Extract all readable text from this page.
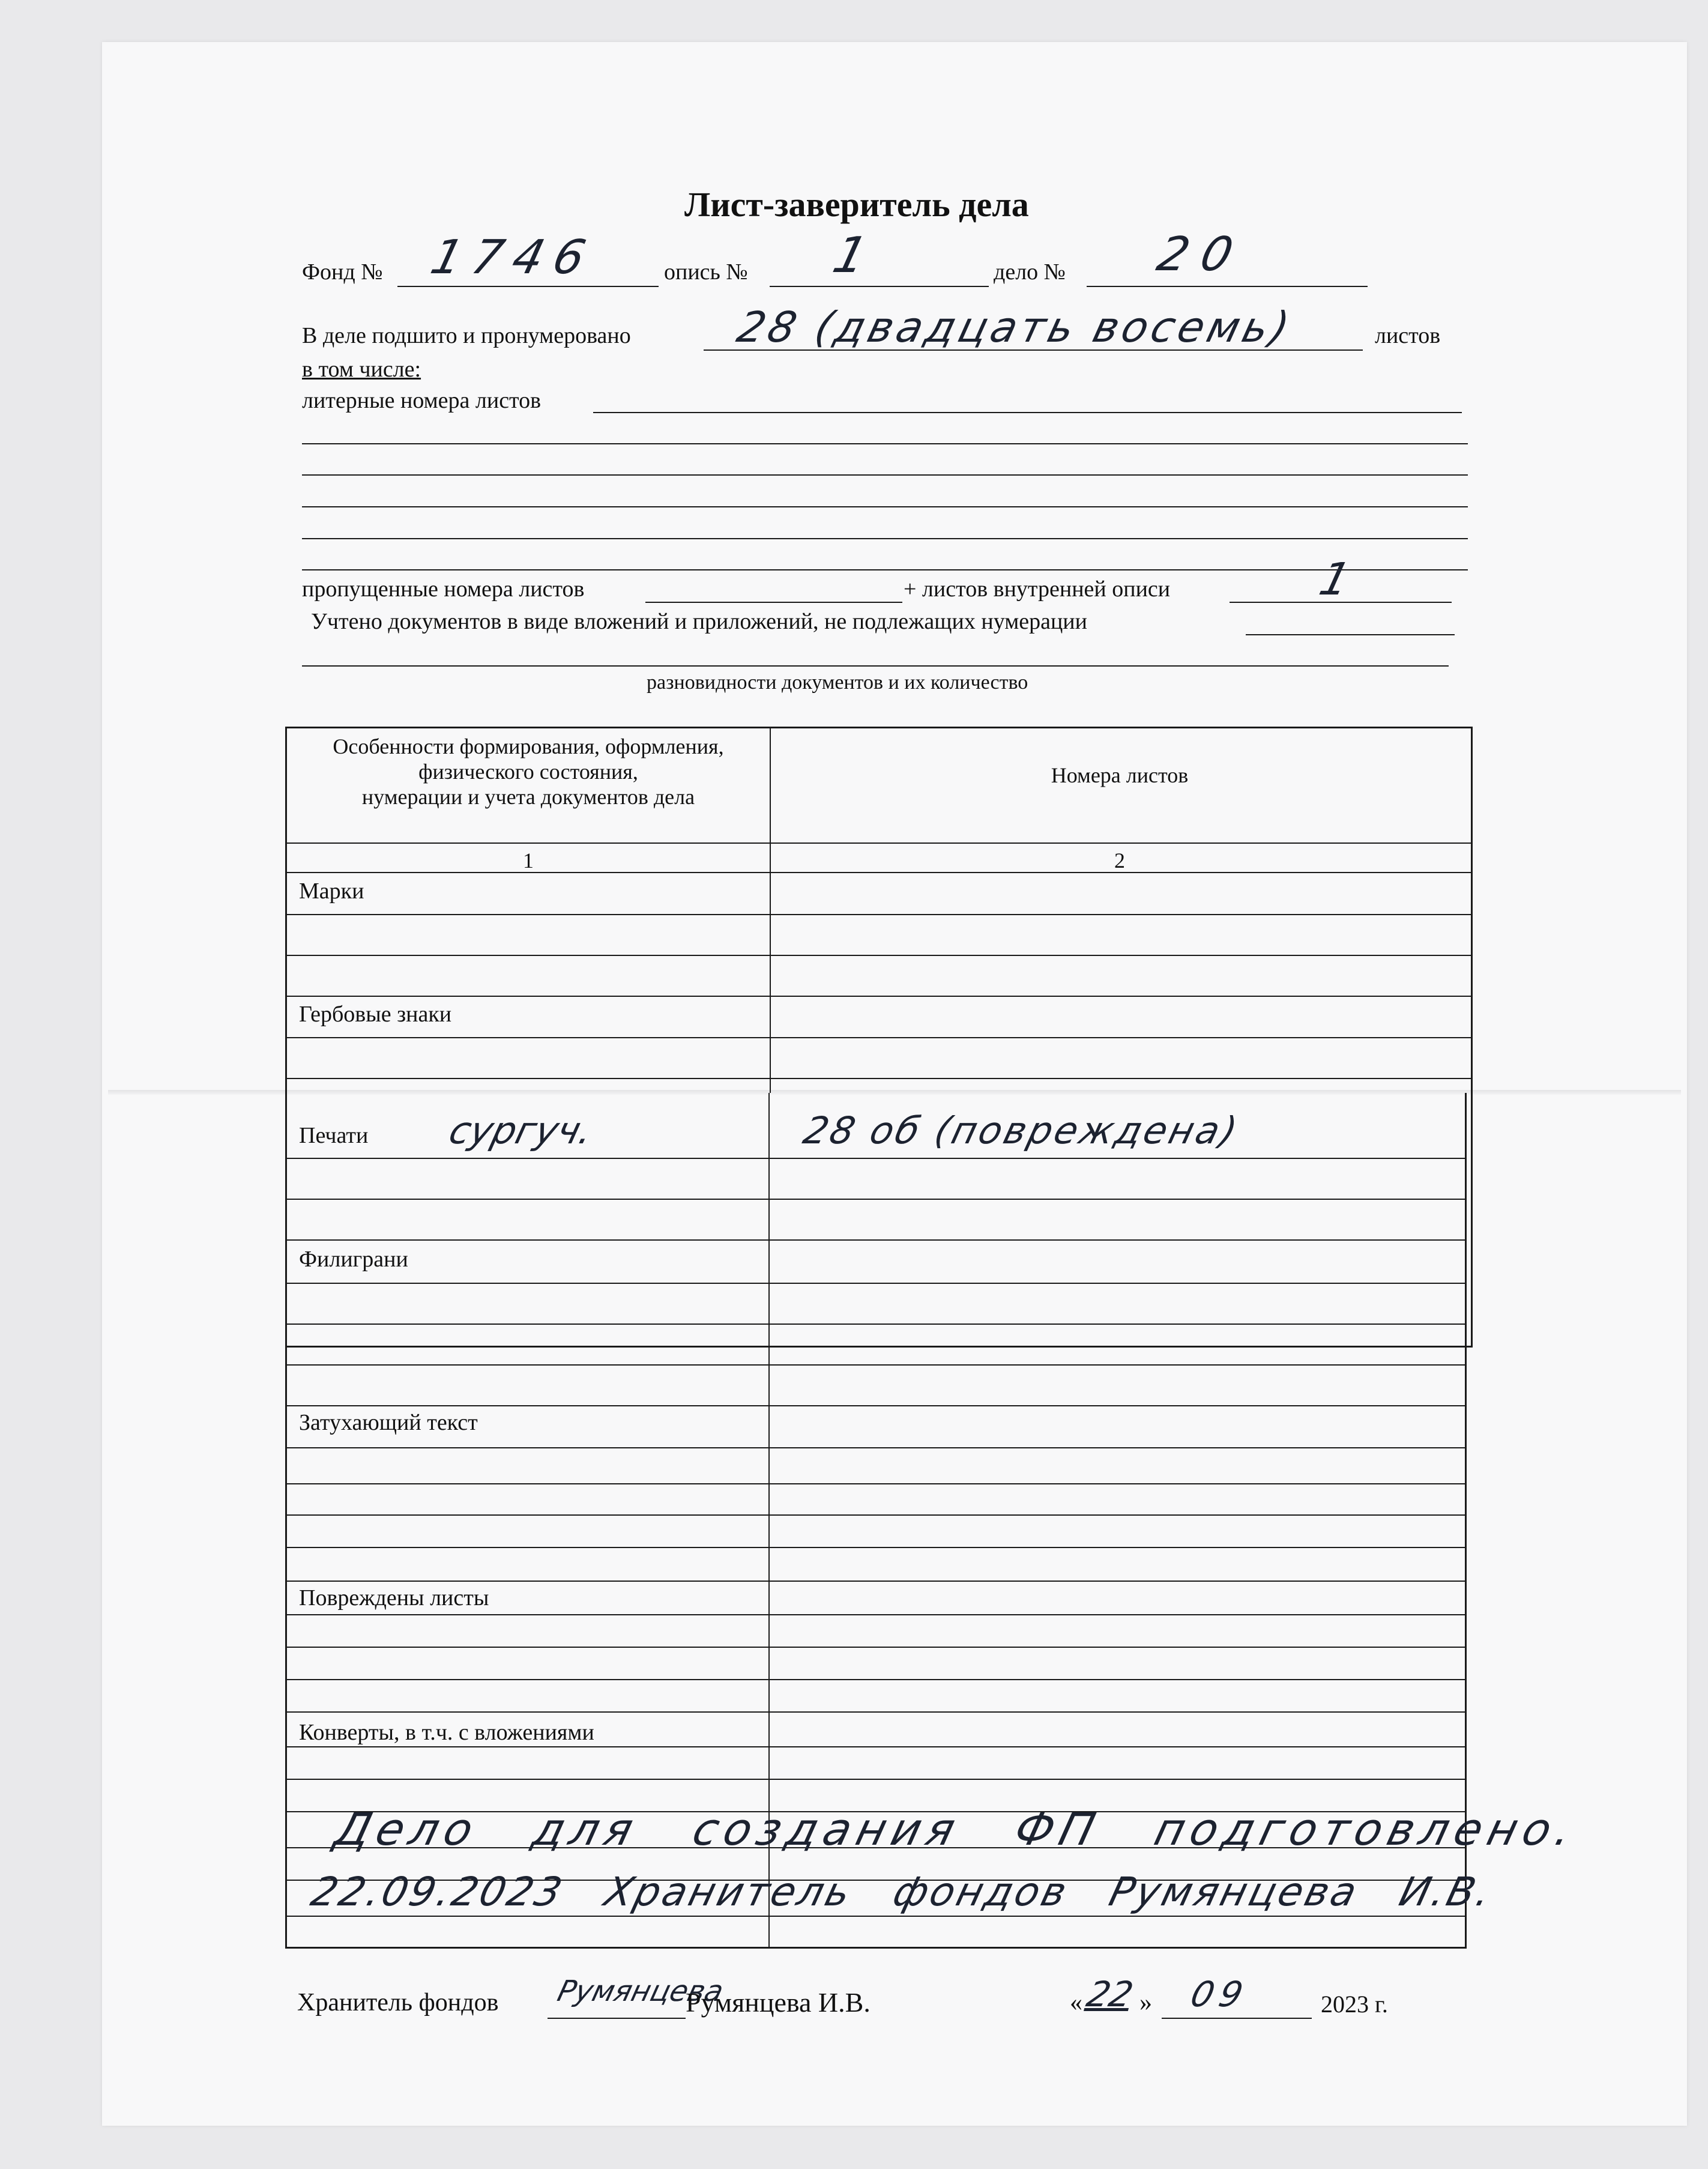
Лист-заверитель дела
Фонд № 1746	опись № 1	дело № 20
В деле подшито и пронумеровано 28 (двадцать восемь)	листов
в том числе:
литерные номера листов
пропущенные номера листов	+ листов внутренней описи	1
Учтено документов в виде вложений и приложений, не подлежащих нумерации
разновидности документов и их количество
Особенности формирования, оформления,
физического состояния,
нумерации и учета документов дела
Номера листов
1	2
Марки
Гербовые знаки
Печати сургуч.	28 об (повреждена)
Филиграни
Затухающий текст
Повреждены листы
Конверты, в т.ч. с вложениями
Дело для создания ФП подготовлено.
22.09.2023 Хранитель фондов Румянцева И.В.
Хранитель фондов Румянцева
Румянцева И.В.	« 22 » 09	2023 г.
